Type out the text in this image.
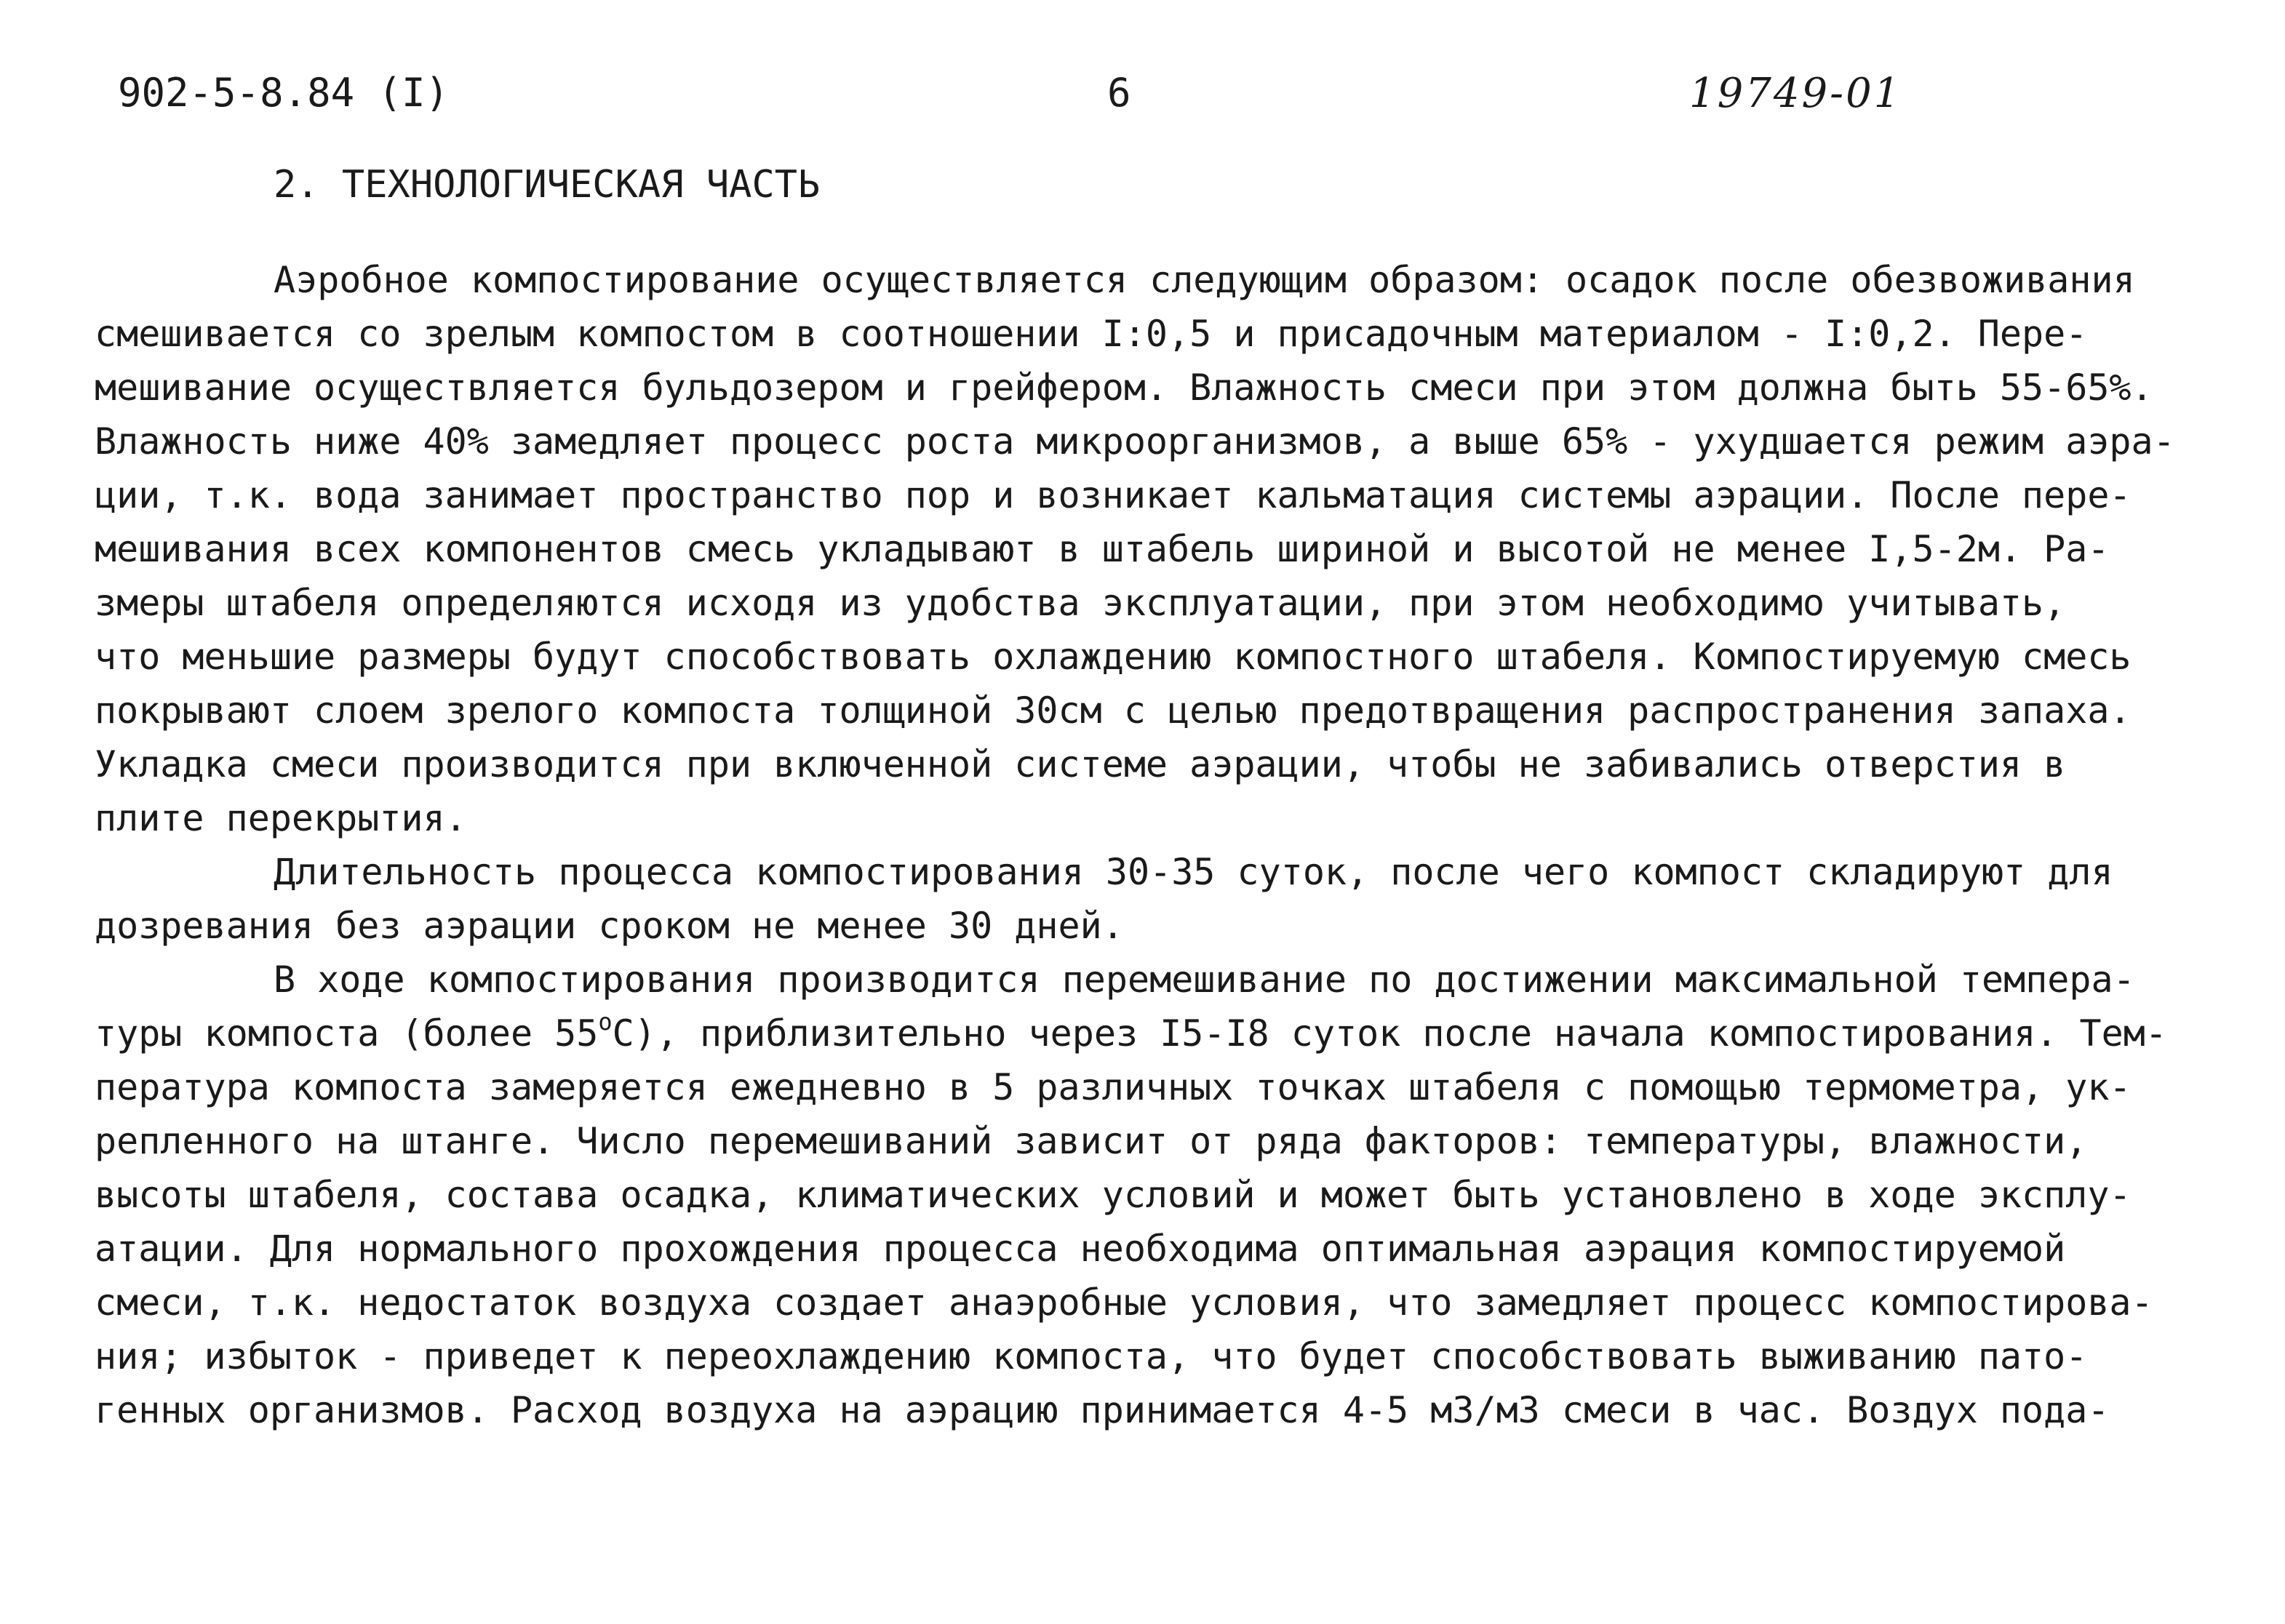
902-5-8.84 (I)	6	19749-01
2. ТЕХНОЛОГИЧЕСКАЯ ЧАСТЬ
Аэробное компостирование осуществляется следующим образом: осадок после обезвоживания
смешивается со зрелым компостом в соотношении I:0,5 и присадочным материалом - I:0,2. Пере-
мешивание осуществляется бульдозером и грейфером. Влажность смеси при этом должна быть 55-65%.
Влажность ниже 40% замедляет процесс роста микроорганизмов, а выше 65% - ухудшается режим аэра-
ции, т.к. вода занимает пространство пор и возникает кальматация системы аэрации. После пере-
мешивания всех компонентов смесь укладывают в штабель шириной и высотой не менее I,5-2м. Ра-
змеры штабеля определяются исходя из удобства эксплуатации, при этом необходимо учитывать,
что меньшие размеры будут способствовать охлаждению компостного штабеля. Компостируемую смесь
покрывают слоем зрелого компоста толщиной 30см с целью предотвращения распространения запаха.
Укладка смеси производится при включенной системе аэрации, чтобы не забивались отверстия в
плите перекрытия.
Длительность процесса компостирования 30-35 суток, после чего компост складируют для
дозревания без аэрации сроком не менее 30 дней.
В ходе компостирования производится перемешивание по достижении максимальной темпера-
туры компоста (более 55$^o$C), приблизительно через I5-I8 суток после начала компостирования. Тем-
пература компоста замеряется ежедневно в 5 различных точках штабеля с помощью термометра, ук-
репленного на штанге. Число перемешиваний зависит от ряда факторов: температуры, влажности,
высоты штабеля, состава осадка, климатических условий и может быть установлено в ходе эксплу-
атации. Для нормального прохождения процесса необходима оптимальная аэрация компостируемой
смеси, т.к. недостаток воздуха создает анаэробные условия, что замедляет процесс компостирова-
ния; избыток - приведет к переохлаждению компоста, что будет способствовать выживанию пато-
генных организмов. Расход воздуха на аэрацию принимается 4-5 м3/м3 смеси в час. Воздух пода-
